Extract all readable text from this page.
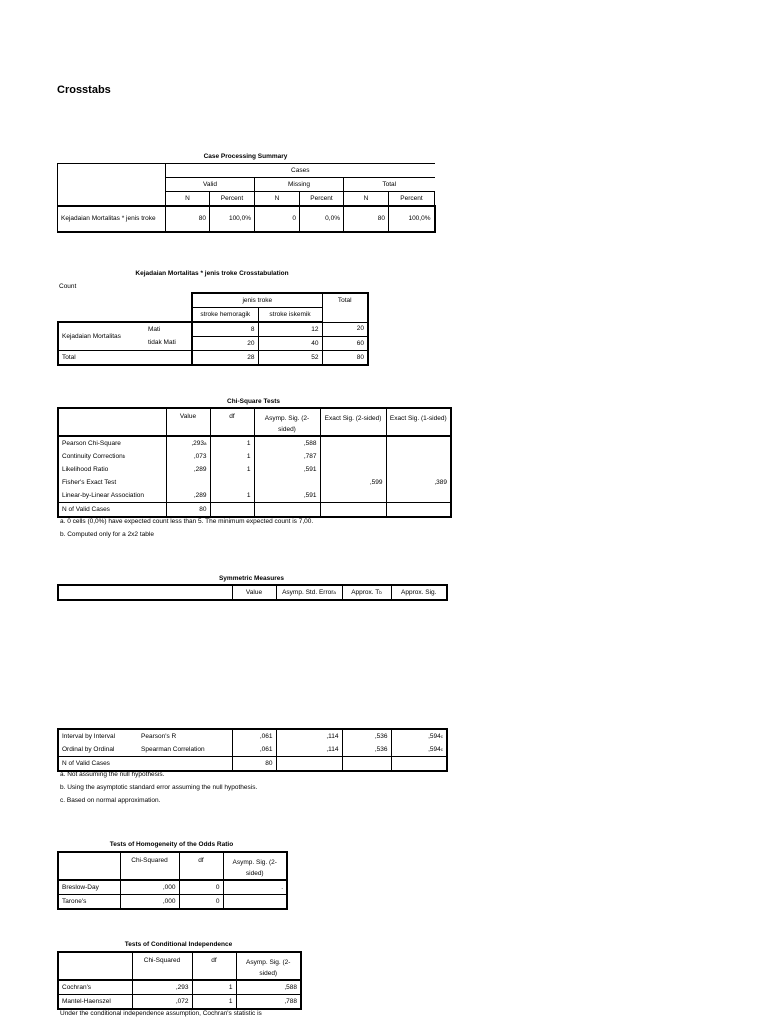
Crosstabs
Case Processing Summary
	Cases					
	Valid		Missing		Total	
	N	Percent	N	Percent	N	Percent
Kejadaian Mortalitas * jenis troke	80	100,0%	0	0,0%	80	100,0%
Kejadaian Mortalitas * jenis troke Crosstabulation
Count
		jenis troke		Total
		stroke hemoragik	stroke iskemik	
Kejadaian Mortalitas	Mati	8	12	20
	tidak Mati	20	40	60
Total		28	52	80
Chi-Square Tests
	Value	df	Asymp. Sig. (2-sided)	Exact Sig. (2-sided)	Exact Sig. (1-sided)
Pearson Chi-Square	,293$^a$	1	,588		
Continuity Correction$^b$	,073	1	,787		
Likelihood Ratio	,289	1	,591		
Fisher's Exact Test				,599	,389
Linear-by-Linear Association	,289	1	,591		
N of Valid Cases	80				
a. 0 cells (0,0%) have expected count less than 5. The minimum expected count is 7,00.
b. Computed only for a 2x2 table
Symmetric Measures
	Value	Asymp. Std. Error$^a$	Approx. $T^b$	Approx. Sig.
Interval by Interval	Pearson's R	,061	,114	,536	,594$^c$
Ordinal by Ordinal	Spearman Correlation	,061	,114	,536	,594$^c$
N of Valid Cases		80			
a. Not assuming the null hypothesis.
b. Using the asymptotic standard error assuming the null hypothesis.
c. Based on normal approximation.
Tests of Homogeneity of the Odds Ratio
	Chi-Squared	df	Asymp. Sig. (2-sided)
Breslow-Day	,000	0	.
Tarone's	,000	0	
Tests of Conditional Independence
	Chi-Squared	df	Asymp. Sig. (2-sided)
Cochran's	,293	1	,588
Mantel-Haenszel	,072	1	,788
Under the conditional independence assumption, Cochran's statistic is
